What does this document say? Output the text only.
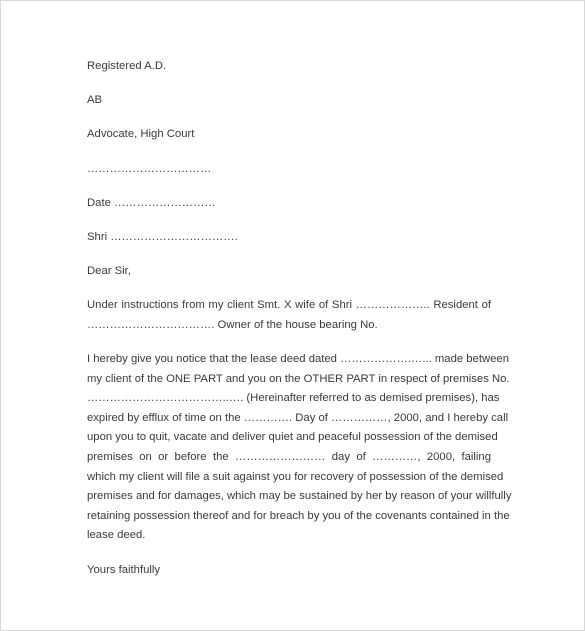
Registered A.D.

AB

Advocate, High Court

……………………………

Date ………………………

Shri …………………………….

Dear Sir,

Under instructions from my client Smt. X wife of Shri ……………….. Resident of
……………………………. Owner of the house bearing No.

I hereby give you notice that the lease deed dated ……………….…... made between
my client of the ONE PART and you on the OTHER PART in respect of premises No.
………………………………..…. (Hereinafter referred to as demised premises), has
expired by efflux of time on the …………. Day of ……………, 2000, and I hereby call
upon you to quit, vacate and deliver quiet and peaceful possession of the demised
premises on or before the …………………… day of …………, 2000, failing
which my client will file a suit against you for recovery of possession of the demised
premises and for damages, which may be sustained by her by reason of your willfully
retaining possession thereof and for breach by you of the covenants contained in the
lease deed.

Yours faithfully
